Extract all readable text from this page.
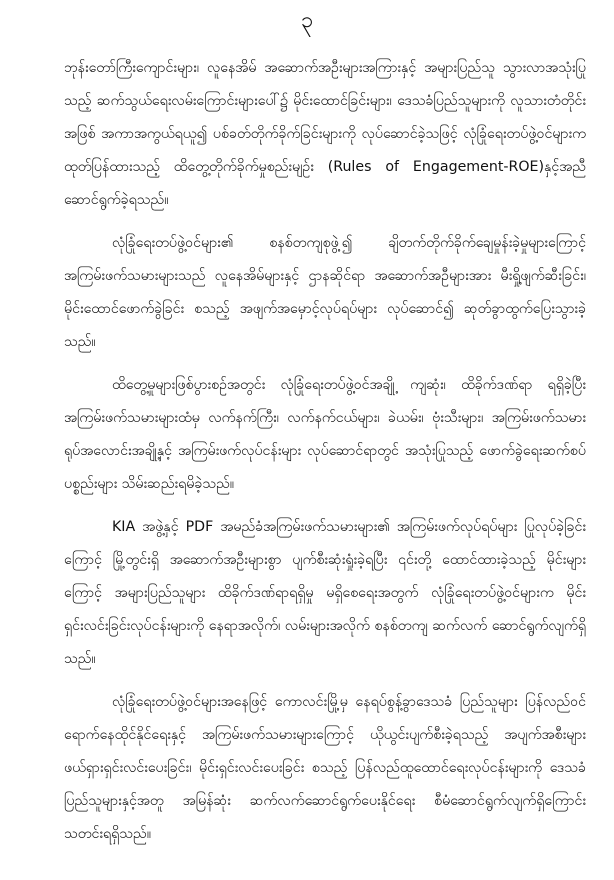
၃

ဘုန်းတော်ကြီးကျောင်းများ၊ လူနေအိမ် အဆောက်အဦးများအကြားနှင့် အများပြည်သူ သွားလာအသုံးပြုသည့် ဆက်သွယ်ရေးလမ်းကြောင်းများပေါ်၌ မိုင်းထောင်ခြင်းများ၊ ဒေသခံပြည်သူများကို လူသားတံတိုင်းအဖြစ် အကာအကွယ်ရယူ၍ ပစ်ခတ်တိုက်ခိုက်ခြင်းများကို လုပ်ဆောင်ခဲ့သဖြင့် လုံခြုံရေးတပ်ဖွဲ့ဝင်များက ထုတ်ပြန်ထားသည့် ထိတွေ့တိုက်ခိုက်မှုစည်းမျဉ်း (Rules of Engagement-ROE)နှင့်အညီ ဆောင်ရွက်ခဲ့ရသည်။

လုံခြုံရေးတပ်ဖွဲ့ဝင်များ၏ စနစ်တကျစုဖွဲ့၍ ချိတက်တိုက်ခိုက်ချေမှုန်းခဲ့မှုများကြောင့် အကြမ်းဖက်သမားများသည် လူနေအိမ်များနှင့် ဌာနဆိုင်ရာ အဆောက်အဦများအား မီးရှို့ဖျက်ဆီးခြင်း၊ မိုင်းထောင်ဖောက်ခွဲခြင်း စသည့် အဖျက်အမှောင့်လုပ်ရပ်များ လုပ်ဆောင်၍ ဆုတ်ခွာထွက်ပြေးသွားခဲ့သည်။

ထိတွေ့မှုများဖြစ်ပွားစဉ်အတွင်း လုံခြုံရေးတပ်ဖွဲ့ဝင်အချို့ ကျဆုံး၊ ထိခိုက်ဒဏ်ရာ ရရှိခဲ့ပြီး အကြမ်းဖက်သမားများထံမှ လက်နက်ကြီး၊ လက်နက်ငယ်များ၊ ခဲယမ်း၊ ဗုံးသီးများ၊ အကြမ်းဖက်သမား ရုပ်အလောင်းအချို့နှင့် အကြမ်းဖက်လုပ်ငန်းများ လုပ်ဆောင်ရာတွင် အသုံးပြုသည့် ဖောက်ခွဲရေးဆက်စပ်ပစ္စည်းများ သိမ်းဆည်းရမိခဲ့သည်။

KIA အဖွဲ့နှင့် PDF အမည်ခံအကြမ်းဖက်သမားများ၏ အကြမ်းဖက်လုပ်ရပ်များ ပြုလုပ်ခဲ့ခြင်းကြောင့် မြို့တွင်းရှိ အဆောက်အဦးများစွာ ပျက်စီးဆုံးရှုံးခဲ့ရပြီး ၎င်းတို့ ထောင်ထားခဲ့သည့် မိုင်းများကြောင့် အများပြည်သူများ ထိခိုက်ဒဏ်ရာရရှိမှု မရှိစေရေးအတွက် လုံခြုံရေးတပ်ဖွဲ့ဝင်များက မိုင်းရှင်းလင်းခြင်းလုပ်ငန်းများကို နေရာအလိုက်၊ လမ်းများအလိုက် စနစ်တကျ ဆက်လက် ဆောင်ရွက်လျက်ရှိသည်။

လုံခြုံရေးတပ်ဖွဲ့ဝင်များအနေဖြင့် ကောလင်းမြို့မှ နေရပ်စွန့်ခွာဒေသခံ ပြည်သူများ ပြန်လည်ဝင်ရောက်နေထိုင်နိုင်ရေးနှင့် အကြမ်းဖက်သမားများကြောင့် ယိုယွင်းပျက်စီးခဲ့ရသည့် အပျက်အစီးများ ဖယ်ရှားရှင်းလင်းပေးခြင်း၊ မိုင်းရှင်းလင်းပေးခြင်း စသည့် ပြန်လည်ထူထောင်ရေးလုပ်ငန်းများကို ဒေသခံပြည်သူများနှင့်အတူ အမြန်ဆုံး ဆက်လက်ဆောင်ရွက်ပေးနိုင်ရေး စီမံဆောင်ရွက်လျက်ရှိကြောင်း သတင်းရရှိသည်။
